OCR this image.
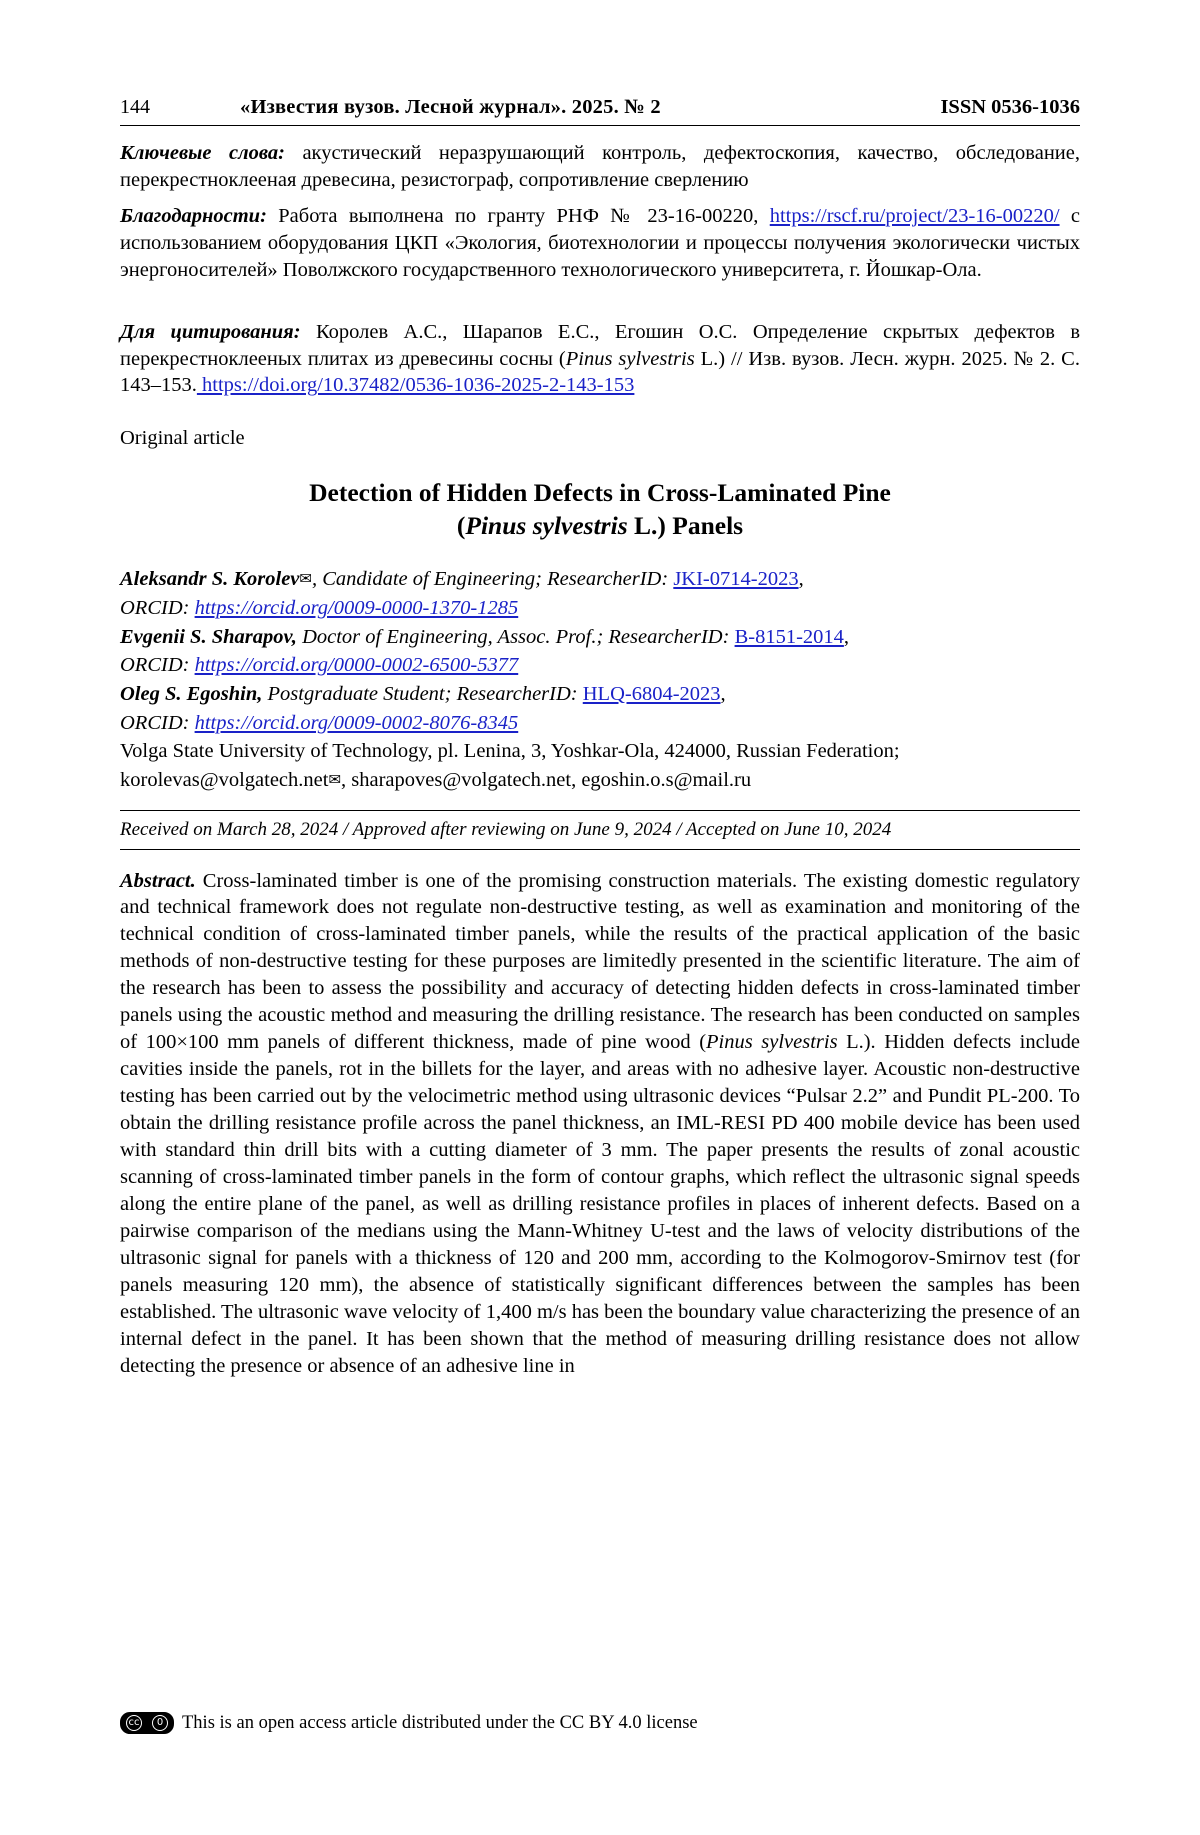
144	«Известия вузов. Лесной журнал». 2025. № 2	ISSN 0536-1036

Ключевые слова: акустический неразрушающий контроль, дефектоскопия, качество, обследование, перекрестноклееная древесина, резистограф, сопротивление сверлению

Благодарности: Работа выполнена по гранту РНФ № 23-16-00220, https://rscf.ru/project/23-16-00220/ с использованием оборудования ЦКП «Экология, биотехнологии и процессы получения экологически чистых энергоносителей» Поволжского государственного технологического университета, г. Йошкар-Ола.

Для цитирования: Королев А.С., Шарапов Е.С., Егошин О.С. Определение скрытых дефектов в перекрестноклееных плитах из древесины сосны (Pinus sylvestris L.) // Изв. вузов. Лесн. журн. 2025. № 2. С. 143–153. https://doi.org/10.37482/0536-1036-2025-2-143-153

Original article
Detection of Hidden Defects in Cross-Laminated Pine
(Pinus sylvestris L.) Panels

Aleksandr S. Korolev✉, Candidate of Engineering; ResearcherID: JKI-0714-2023,

ORCID: https://orcid.org/0009-0000-1370-1285

Evgenii S. Sharapov, Doctor of Engineering, Assoc. Prof.; ResearcherID: B-8151-2014,

ORCID: https://orcid.org/0000-0002-6500-5377

Oleg S. Egoshin, Postgraduate Student; ResearcherID: HLQ-6804-2023,

ORCID: https://orcid.org/0009-0002-8076-8345

Volga State University of Technology, pl. Lenina, 3, Yoshkar-Ola, 424000, Russian Federation;

korolevas@volgatech.net✉, sharapoves@volgatech.net, egoshin.o.s@mail.ru

Received on March 28, 2024 / Approved after reviewing on June 9, 2024 / Accepted on June 10, 2024

Abstract. Cross-laminated timber is one of the promising construction materials. The existing domestic regulatory and technical framework does not regulate non-destructive testing, as well as examination and monitoring of the technical condition of cross-laminated timber panels, while the results of the practical application of the basic methods of non-destructive testing for these purposes are limitedly presented in the scientific literature. The aim of the research has been to assess the possibility and accuracy of detecting hidden defects in cross-laminated timber panels using the acoustic method and measuring the drilling resistance. The research has been conducted on samples of 100×100 mm panels of different thickness, made of pine wood (Pinus sylvestris L.). Hidden defects include cavities inside the panels, rot in the billets for the layer, and areas with no adhesive layer. Acoustic non-destructive testing has been carried out by the velocimetric method using ultrasonic devices “Pulsar 2.2” and Pundit PL-200. To obtain the drilling resistance profile across the panel thickness, an IML-RESI PD 400 mobile device has been used with standard thin drill bits with a cutting diameter of 3 mm. The paper presents the results of zonal acoustic scanning of cross-laminated timber panels in the form of contour graphs, which reflect the ultrasonic signal speeds along the entire plane of the panel, as well as drilling resistance profiles in places of inherent defects. Based on a pairwise comparison of the medians using the Mann-Whitney U-test and the laws of velocity distributions of the ultrasonic signal for panels with a thickness of 120 and 200 mm, according to the Kolmogorov-Smirnov test (for panels measuring 120 mm), the absence of statistically significant differences between the samples has been established. The ultrasonic wave velocity of 1,400 m/s has been the boundary value characterizing the presence of an internal defect in the panel. It has been shown that the method of measuring drilling resistance does not allow detecting the presence or absence of an adhesive line in

cc	0 This is an open access article distributed under the CC BY 4.0 license
